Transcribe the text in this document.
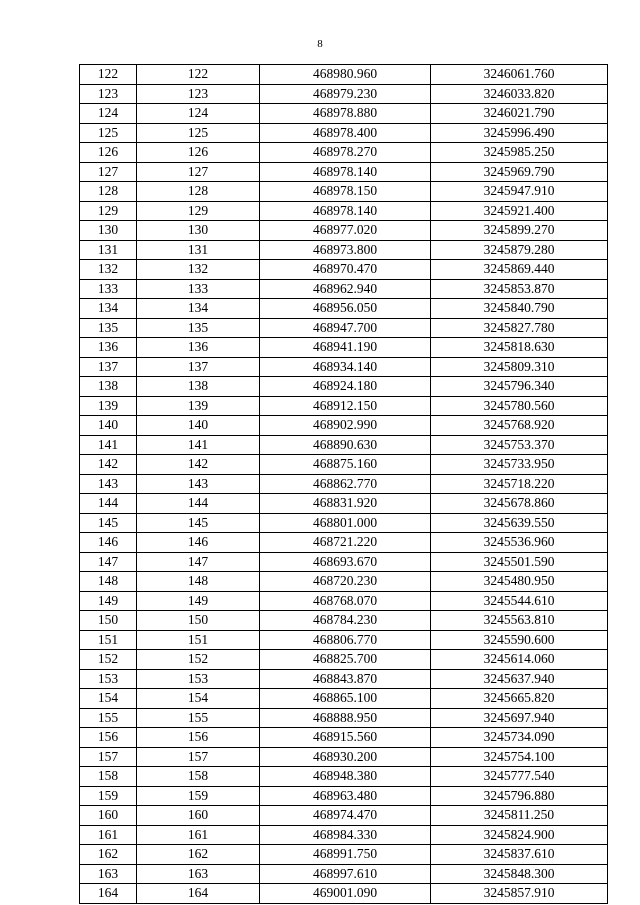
8
122	122	468980.960	3246061.760
123	123	468979.230	3246033.820
124	124	468978.880	3246021.790
125	125	468978.400	3245996.490
126	126	468978.270	3245985.250
127	127	468978.140	3245969.790
128	128	468978.150	3245947.910
129	129	468978.140	3245921.400
130	130	468977.020	3245899.270
131	131	468973.800	3245879.280
132	132	468970.470	3245869.440
133	133	468962.940	3245853.870
134	134	468956.050	3245840.790
135	135	468947.700	3245827.780
136	136	468941.190	3245818.630
137	137	468934.140	3245809.310
138	138	468924.180	3245796.340
139	139	468912.150	3245780.560
140	140	468902.990	3245768.920
141	141	468890.630	3245753.370
142	142	468875.160	3245733.950
143	143	468862.770	3245718.220
144	144	468831.920	3245678.860
145	145	468801.000	3245639.550
146	146	468721.220	3245536.960
147	147	468693.670	3245501.590
148	148	468720.230	3245480.950
149	149	468768.070	3245544.610
150	150	468784.230	3245563.810
151	151	468806.770	3245590.600
152	152	468825.700	3245614.060
153	153	468843.870	3245637.940
154	154	468865.100	3245665.820
155	155	468888.950	3245697.940
156	156	468915.560	3245734.090
157	157	468930.200	3245754.100
158	158	468948.380	3245777.540
159	159	468963.480	3245796.880
160	160	468974.470	3245811.250
161	161	468984.330	3245824.900
162	162	468991.750	3245837.610
163	163	468997.610	3245848.300
164	164	469001.090	3245857.910
